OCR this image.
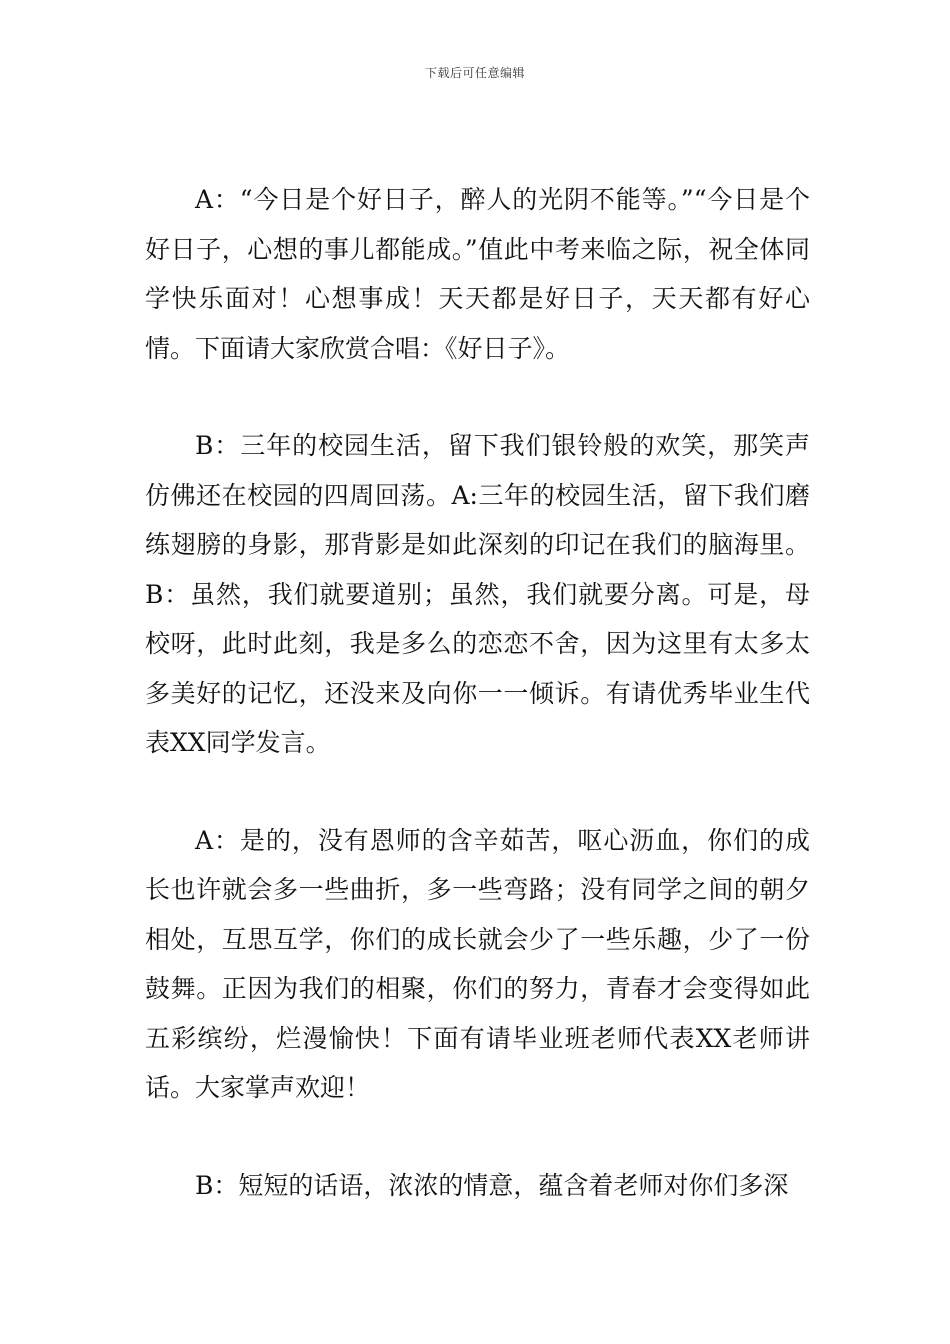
下载后可任意编辑

A：“今日是个好日子，醉人的光阴不能等。”“今日是个好日子，心想的事儿都能成。”值此中考来临之际，祝全体同学快乐面对！心想事成！天天都是好日子，天天都有好心情。下面请大家欣赏合唱：《好日子》。

B：三年的校园生活，留下我们银铃般的欢笑，那笑声仿佛还在校园的四周回荡。A:三年的校园生活，留下我们磨练翅膀的身影，那背影是如此深刻的印记在我们的脑海里。B：虽然，我们就要道别；虽然，我们就要分离。可是，母校呀，此时此刻，我是多么的恋恋不舍，因为这里有太多太多美好的记忆，还没来及向你一一倾诉。有请优秀毕业生代表XX同学发言。

A：是的，没有恩师的含辛茹苦，呕心沥血，你们的成长也许就会多一些曲折，多一些弯路；没有同学之间的朝夕相处，互思互学，你们的成长就会少了一些乐趣，少了一份鼓舞。正因为我们的相聚，你们的努力，青春才会变得如此五彩缤纷，烂漫愉快！下面有请毕业班老师代表XX老师讲话。大家掌声欢迎！

B：短短的话语，浓浓的情意，蕴含着老师对你们多深
